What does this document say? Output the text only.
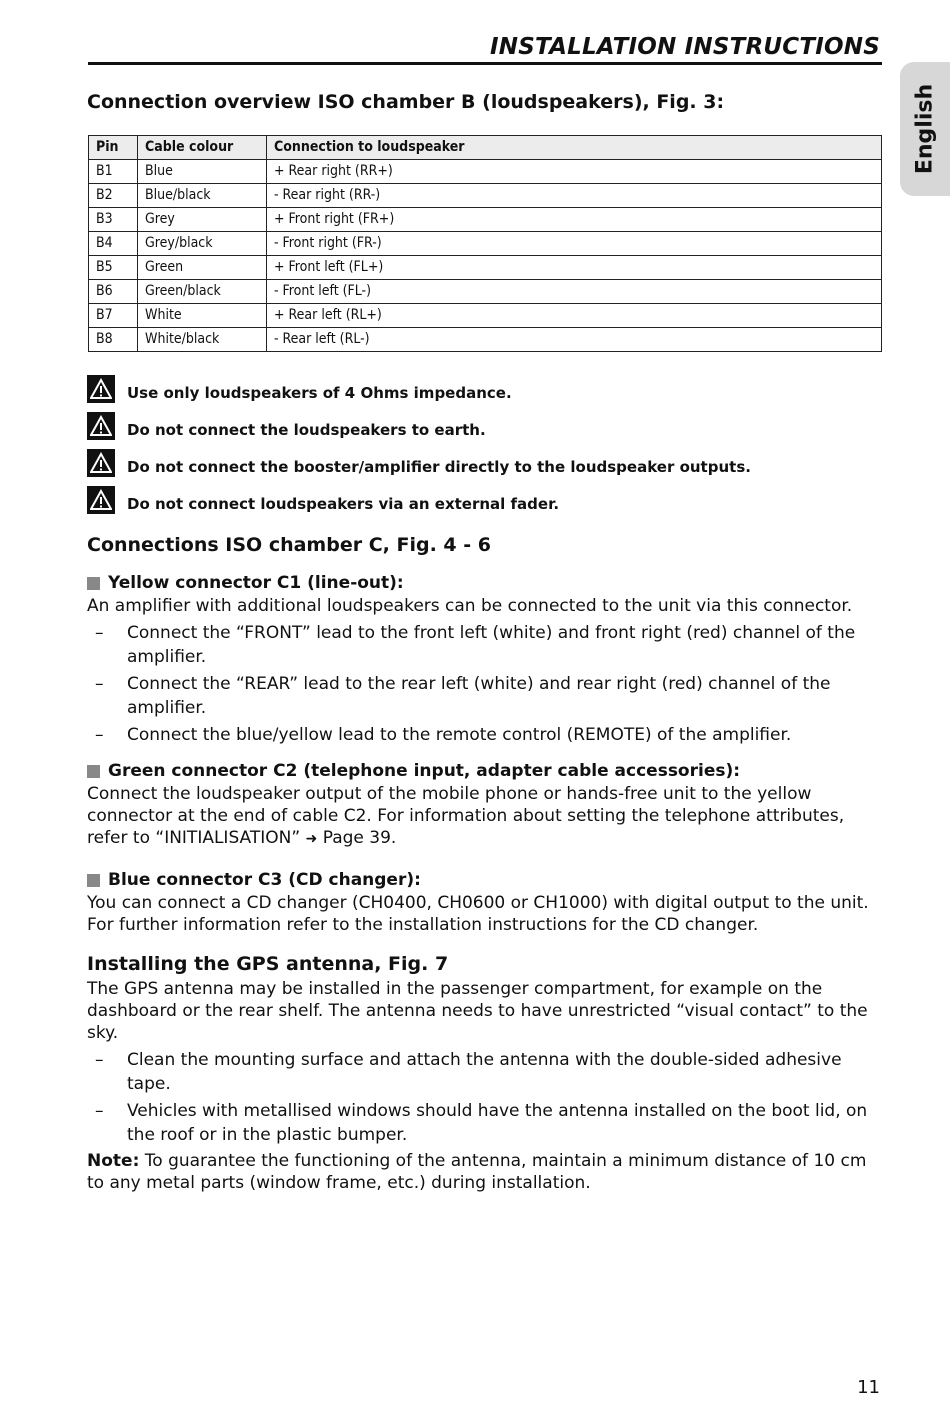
INSTALLATION INSTRUCTIONS
English
Connection overview ISO chamber B (loudspeakers), Fig. 3:
Pin	Cable colour	Connection to loudspeaker
B1	Blue	+ Rear right (RR+)
B2	Blue/black	- Rear right (RR-)
B3	Grey	+ Front right (FR+)
B4	Grey/black	- Front right (FR-)
B5	Green	+ Front left (FL+)
B6	Green/black	- Front left (FL-)
B7	White	+ Rear left (RL+)
B8	White/black	- Rear left (RL-)
Use only loudspeakers of 4 Ohms impedance.
Do not connect the loudspeakers to earth.
Do not connect the booster/amplifier directly to the loudspeaker outputs.
Do not connect loudspeakers via an external fader.
Connections ISO chamber C, Fig. 4 - 6
Yellow connector C1 (line-out):

An amplifier with additional loudspeakers can be connected to the unit via this connector.

– Connect the “FRONT” lead to the front left (white) and front right (red) channel of the amplifier.
– Connect the “REAR” lead to the rear left (white) and rear right (red) channel of the amplifier.
– Connect the blue/yellow lead to the remote control (REMOTE) of the amplifier.
Green connector C2 (telephone input, adapter cable accessories):

Connect the loudspeaker output of the mobile phone or hands-free unit to the yellow connector at the end of cable C2. For information about setting the telephone attributes, refer to “INITIALISATION” ➜ Page 39.

Blue connector C3 (CD changer):

You can connect a CD changer (CH0400, CH0600 or CH1000) with digital output to the unit. For further information refer to the installation instructions for the CD changer.

Installing the GPS antenna, Fig. 7

The GPS antenna may be installed in the passenger compartment, for example on the dashboard or the rear shelf. The antenna needs to have unrestricted “visual contact” to the sky.

– Clean the mounting surface and attach the antenna with the double-sided adhesive tape.
– Vehicles with metallised windows should have the antenna installed on the boot lid, on the roof or in the plastic bumper.

Note: To guarantee the functioning of the antenna, maintain a minimum distance of 10 cm to any metal parts (window frame, etc.) during installation.

11
